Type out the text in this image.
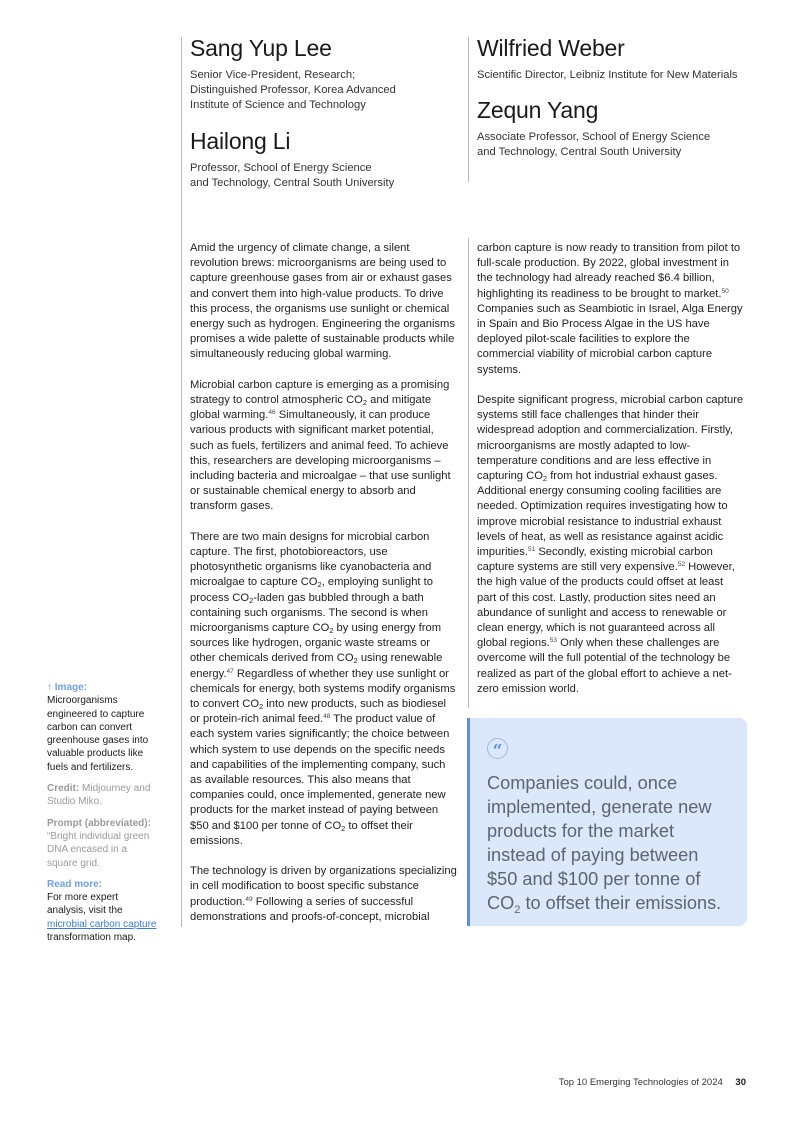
Sang Yup Lee
Senior Vice-President, Research;
Distinguished Professor, Korea Advanced
Institute of Science and Technology
Hailong Li
Professor, School of Energy Science
and Technology, Central South University
Wilfried Weber
Scientific Director, Leibniz Institute for New Materials
Zequn Yang
Associate Professor, School of Energy Science
and Technology, Central South University

Amid the urgency of climate change, a silent revolution brews: microorganisms are being used to capture greenhouse gases from air or exhaust gases and convert them into high-value products. To drive this process, the organisms use sunlight or chemical energy such as hydrogen. Engineering the organisms promises a wide palette of sustainable products while simultaneously reducing global warming.

Microbial carbon capture is emerging as a promising strategy to control atmospheric $CO_2$ and mitigate global warming.$^{46}$ Simultaneously, it can produce various products with significant market potential, such as fuels, fertilizers and animal feed. To achieve this, researchers are developing microorganisms – including bacteria and microalgae – that use sunlight or sustainable chemical energy to absorb and transform gases.

There are two main designs for microbial carbon capture. The first, photobioreactors, use photosynthetic organisms like cyanobacteria and microalgae to capture $CO_2$, employing sunlight to process $CO_2$-laden gas bubbled through a bath containing such organisms. The second is when microorganisms capture $CO_2$ by using energy from sources like hydrogen, organic waste streams or other chemicals derived from $CO_2$ using renewable energy.$^{47}$ Regardless of whether they use sunlight or chemicals for energy, both systems modify organisms to convert $CO_2$ into new products, such as biodiesel or protein-rich animal feed.$^{48}$ The product value of each system varies significantly; the choice between which system to use depends on the specific needs and capabilities of the implementing company, such as available resources. This also means that companies could, once implemented, generate new products for the market instead of paying between $50 and $100 per tonne of $CO_2$ to offset their emissions.

The technology is driven by organizations specializing in cell modification to boost specific substance production.$^{49}$ Following a series of successful demonstrations and proofs-of-concept, microbial

carbon capture is now ready to transition from pilot to full-scale production. By 2022, global investment in the technology had already reached $6.4 billion, highlighting its readiness to be brought to market.$^{50}$ Companies such as Seambiotic in Israel, Alga Energy in Spain and Bio Process Algae in the US have deployed pilot-scale facilities to explore the commercial viability of microbial carbon capture systems.

Despite significant progress, microbial carbon capture systems still face challenges that hinder their widespread adoption and commercialization. Firstly, microorganisms are mostly adapted to low-temperature conditions and are less effective in capturing $CO_2$ from hot industrial exhaust gases. Additional energy consuming cooling facilities are needed. Optimization requires investigating how to improve microbial resistance to industrial exhaust levels of heat, as well as resistance against acidic impurities.$^{51}$ Secondly, existing microbial carbon capture systems are still very expensive.$^{52}$ However, the high value of the products could offset at least part of this cost. Lastly, production sites need an abundance of sunlight and access to renewable or clean energy, which is not guaranteed across all global regions.$^{53}$ Only when these challenges are overcome will the full potential of the technology be realized as part of the global effort to achieve a net-zero emission world.

↑ Image:
Microorganisms engineered to capture carbon can convert greenhouse gases into valuable products like fuels and fertilizers.
Credit: Midjourney and Studio Miko.
Prompt (abbreviated):
“Bright individual green DNA encased in a square grid.
Read more:
For more expert analysis, visit the microbial carbon capture transformation map.
“
Companies could, once implemented, generate new products for the market instead of paying between $50 and $100 per tonne of $CO_2$ to offset their emissions.
Top 10 Emerging Technologies of 2024 30
